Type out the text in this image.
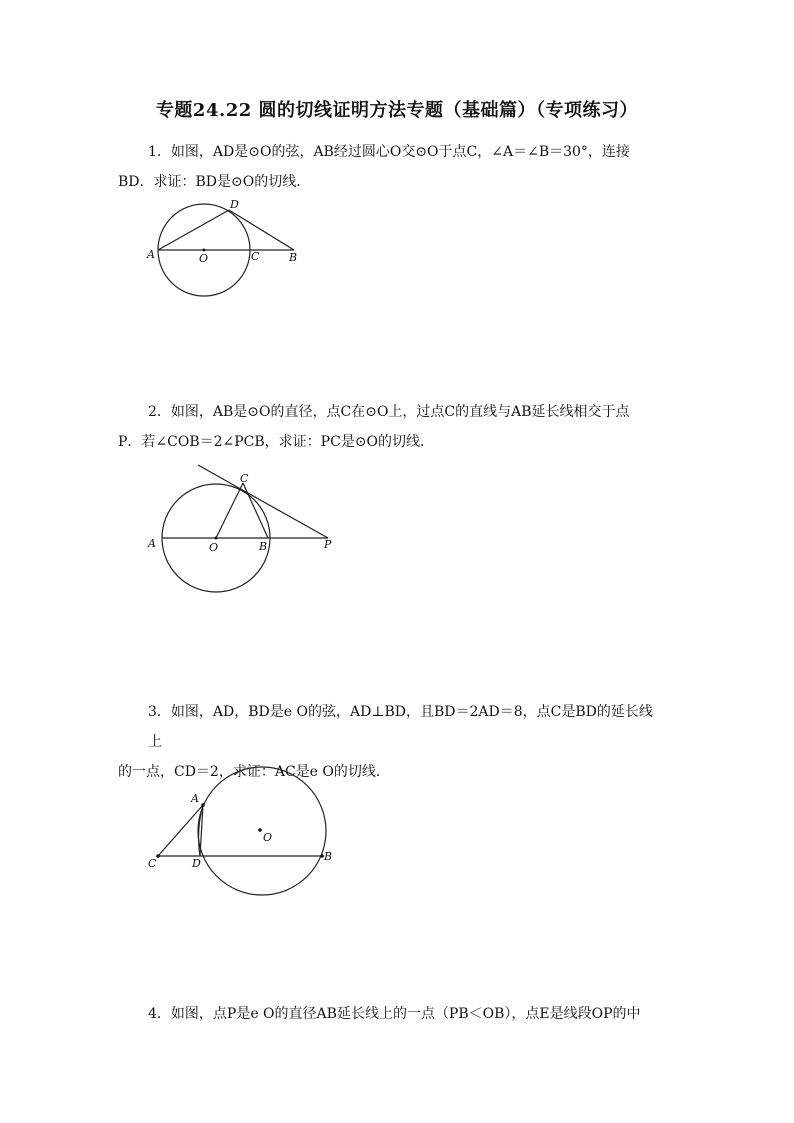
专题24.22 圆的切线证明方法专题（基础篇）（专项练习）
1．如图，AD是⊙O的弦，AB经过圆心O交⊙O于点C，∠A＝∠B＝30°，连接
BD．求证：BD是⊙O的切线．
A	O	C	B
D
2．如图，AB是⊙O的直径，点C在⊙O上，过点C的直线与AB延长线相交于点
P．若∠COB＝2∠PCB，求证：PC是⊙O的切线．
A	O	B	P
C
3．如图，AD，BD是e O的弦，AD⊥BD，且BD＝2AD＝8，点C是BD的延长线上
的一点，CD＝2，求证：AC是e O的切线．
A
O
B
C	D
4．如图，点P是e O的直径AB延长线上的一点（PB＜OB），点E是线段OP的中
